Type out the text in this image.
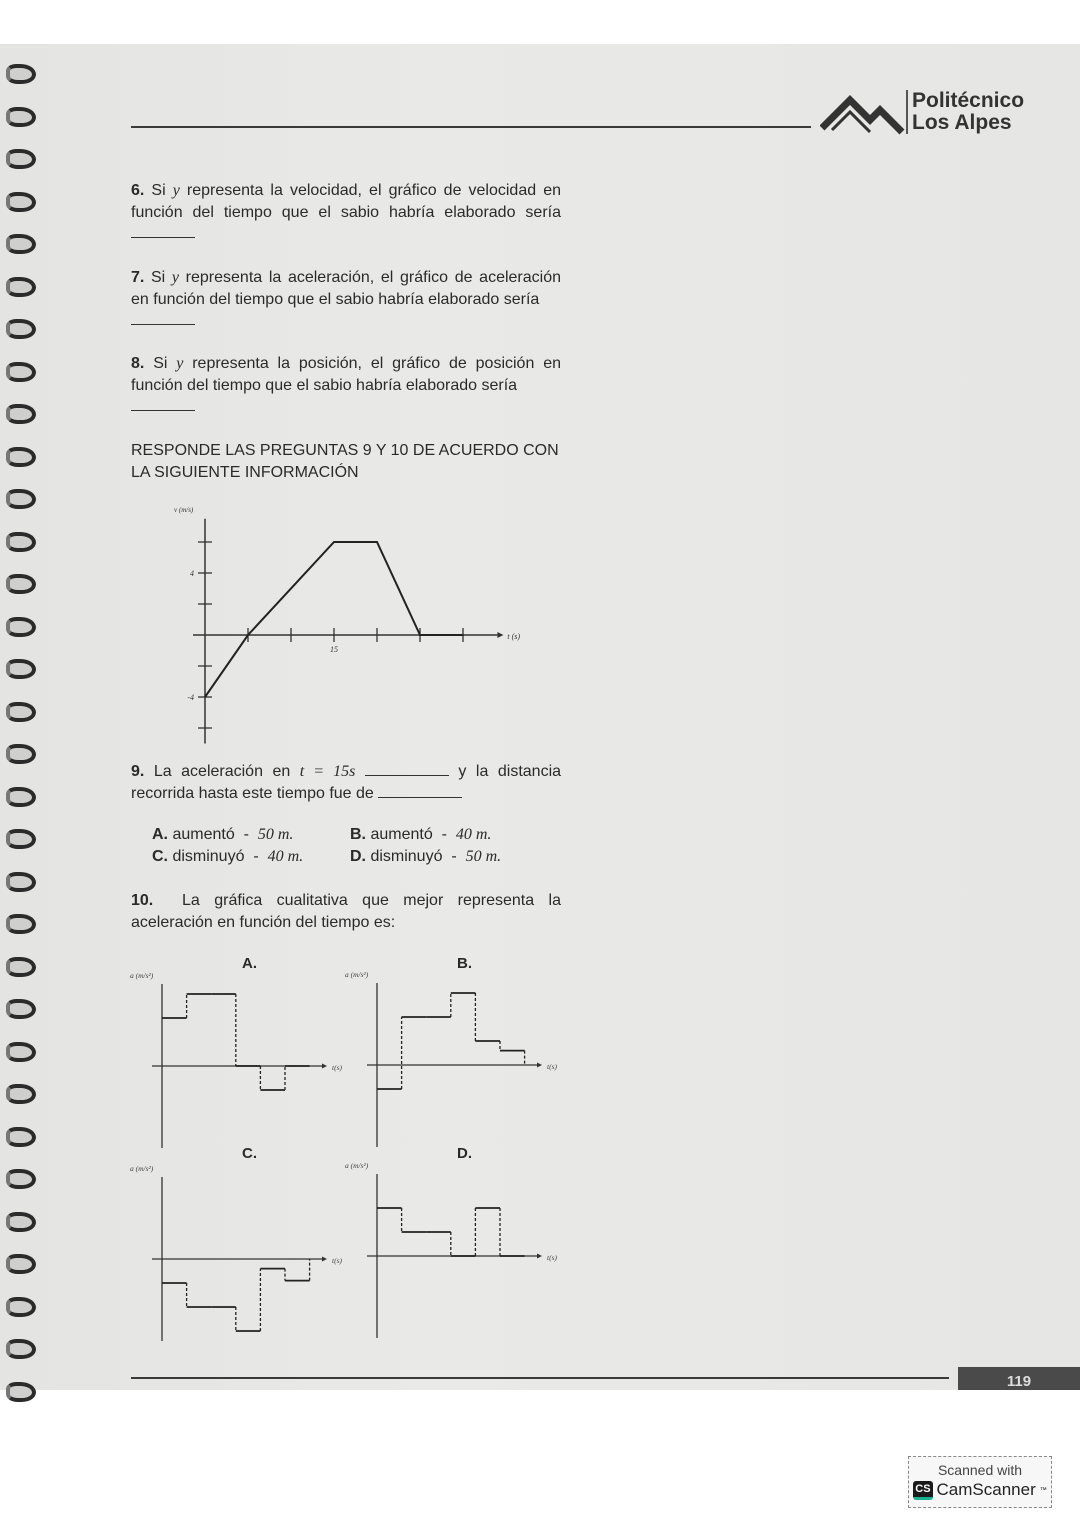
Politécnico
Los Alpes
6. Si y representa la velocidad, el gráfico de velocidad en función del tiempo que el sabio habría elaborado sería
7. Si y representa la aceleración, el gráfico de aceleración en función del tiempo que el sabio habría elaborado sería

8. Si y representa la posición, el gráfico de posición en función del tiempo que el sabio habría elaborado sería

RESPONDE LAS PREGUNTAS 9 Y 10 DE ACUERDO CON LA SIGUIENTE INFORMACIÓN
15
4
-4
v (m/s)
t (s)
9. La aceleración en t = 15s	y la distancia recorrida hasta este tiempo fue de
A. aumentó  -  50 m.	B. aumentó  -  40 m.
C. disminuyó  -  40 m.	D. disminuyó  -  50 m.
10.  La gráfica cualitativa que mejor representa la aceleración en función del tiempo es:
A.
a (m/s²)
t(s)
B.
a (m/s²)
t(s)
C.
a (m/s²)
t(s)
D.
a (m/s²)
t(s)
119
Scanned with
CS CamScanner ™
